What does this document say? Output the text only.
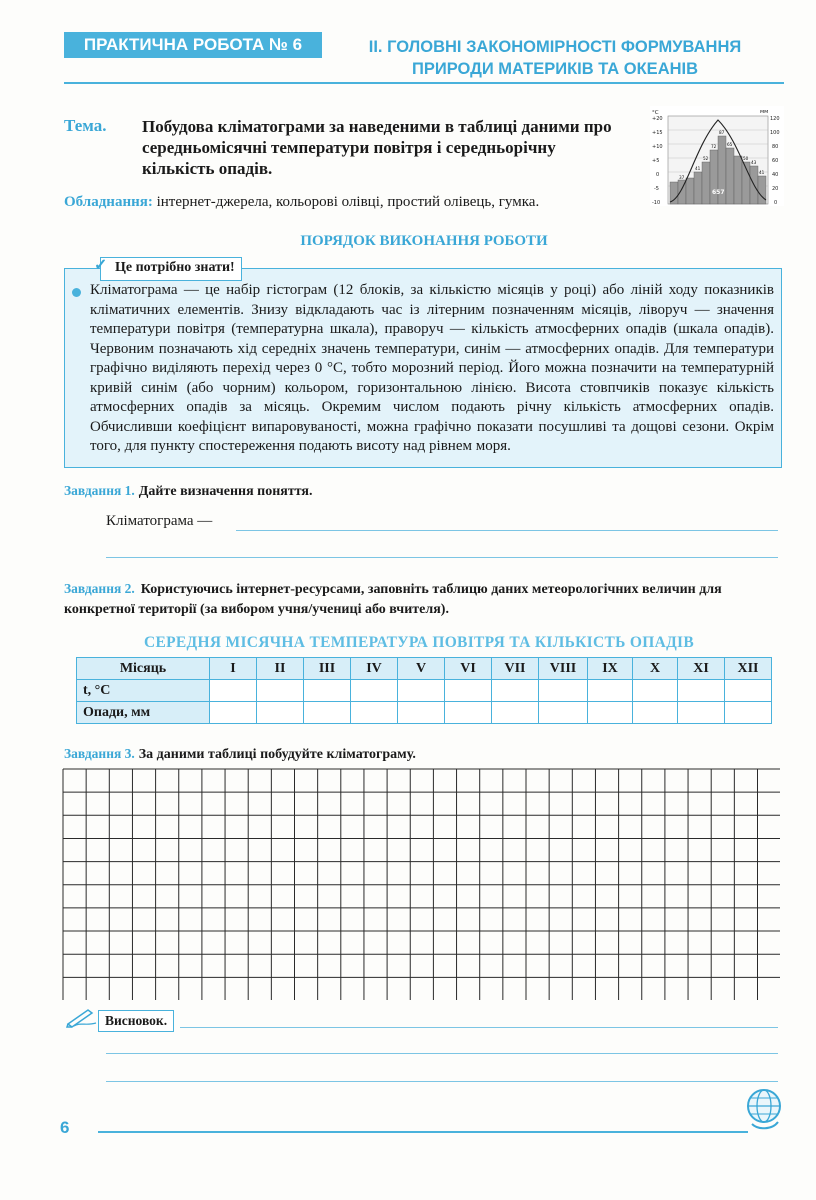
ПРАКТИЧНА РОБОТА № 6	II. ГОЛОВНІ ЗАКОНОМІРНОСТІ ФОРМУВАННЯ
ПРИРОДИ МАТЕРИКІВ ТА ОКЕАНІВ
Тема. Побудова кліматограми за наведеними в таблиці даними про середньомісячні температури повітря і середньорічну кількість опадів.
°C	мм
+20
+15
+10
+5
0
-5
-10
120
100
80
60
40
20
0
37
41
52
72
87
65
50
43
41
657
Обладнання: інтернет-джерела, кольорові олівці, простий олівець, гумка.
ПОРЯДОК ВИКОНАННЯ РОБОТИ
Це потрібно знати!
✓
Кліматограма — це набір гістограм (12 блоків, за кількістю місяців у році) або ліній ходу показників кліматичних елементів. Знизу відкладають час із літерним позначенням місяців, ліворуч — значення температури повітря (температурна шкала), праворуч — кількість атмосферних опадів (шкала опадів). Червоним позначають хід середніх значень температури, синім — атмосферних опадів. Для температури графічно виділяють перехід через 0 °С, тобто морозний період. Його можна позначити на температурній кривій синім (або чорним) кольором, горизонтальною лінією. Висота стовпчиків показує кількість атмосферних опадів за місяць. Окремим числом подають річну кількість атмосферних опадів. Обчисливши коефіцієнт випаровуваності, можна графічно показати посушливі та дощові сезони. Окрім того, для пункту спостереження подають висоту над рівнем моря.
Завдання 1. Дайте визначення поняття.
Кліматограма —
Завдання 2. Користуючись інтернет-ресурсами, заповніть таблицю даних метеорологічних величин для конкретної території (за вибором учня/учениці або вчителя).
СЕРЕДНЯ МІСЯЧНА ТЕМПЕРАТУРА ПОВІТРЯ ТА КІЛЬКІСТЬ ОПАДІВ
Місяць	I	II	III	IV	V	VI	VII	VIII	IX	X	XI	XII
t, °С												
Опади, мм												
Завдання 3. За даними таблиці побудуйте кліматограму.
Висновок.
6
